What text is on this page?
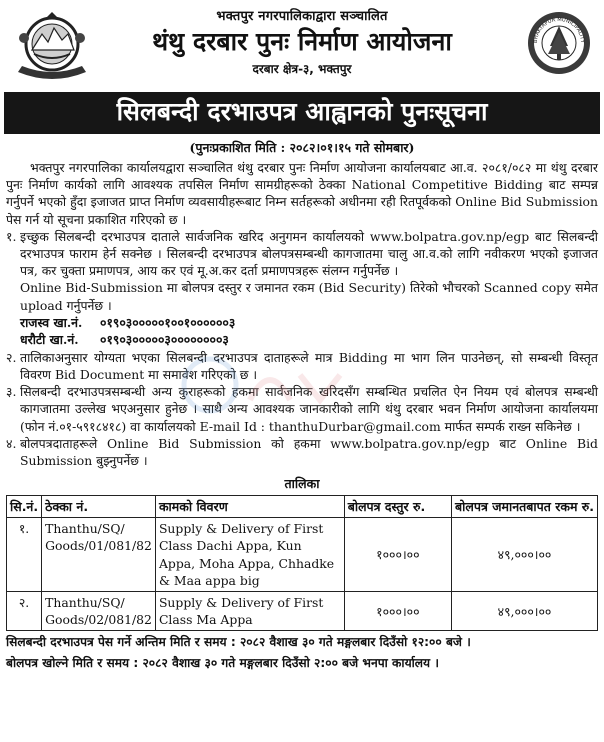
भक्तपुर नगरपालिकाद्वारा सञ्चालित
थंथु दरबार पुनः निर्माण आयोजना
दरबार क्षेत्र-३, भक्तपुर
BHAKTAPUR MUNICIPALITY
सिलबन्दी दरभाउपत्र आह्वानको पुनःसूचना
(पुनःप्रकाशित मिति : २०८२।०१।१५ गते सोमबार)

भक्तपुर नगरपालिका कार्यालयद्वारा सञ्चालित थंथु दरबार पुनः निर्माण आयोजना कार्यालयबाट आ.व. २०८१/०८२ मा थंथु दरबार पुनः निर्माण कार्यको लागि आवश्यक तपसिल निर्माण सामग्रीहरूको ठेक्का National Competitive Bidding बाट सम्पन्न गर्नुपर्ने भएको हुँदा इजाजत प्राप्त निर्माण व्यवसायीहरूबाट निम्न सर्तहरूको अधीनमा रही रितपूर्वकको Online Bid Submission पेस गर्न यो सूचना प्रकाशित गरिएको छ ।

१. इच्छुक सिलबन्दी दरभाउपत्र दाताले सार्वजनिक खरिद अनुगमन कार्यालयको www.bolpatra.gov.np/egp बाट सिलबन्दी दरभाउपत्र फाराम हेर्न सक्नेछ । सिलबन्दी दरभाउपत्र बोलपत्रसम्बन्धी कागजातमा चालु आ.व.को लागि नवीकरण भएको इजाजत पत्र, कर चुक्ता प्रमाणपत्र, आय कर एवं मू.अ.कर दर्ता प्रमाणपत्रहरू संलग्न गर्नुपर्नेछ ।
Online Bid-Submission मा बोलपत्र दस्तुर र जमानत रकम (Bid Security) तिरेको भौचरको Scanned copy समेत upload गर्नुपर्नेछ ।
राजस्व खा.नं.	०१९०३०००००१००१००००००३
धरौटी खा.नं.	०१९०३०००००३००००००००३
२. तालिकाअनुसार योग्यता भएका सिलबन्दी दरभाउपत्र दाताहरूले मात्र Bidding मा भाग लिन पाउनेछन्, सो सम्बन्धी विस्तृत विवरण Bid Document मा समावेश गरिएको छ ।
३. सिलबन्दी दरभाउपत्रसम्बन्धी अन्य कुराहरूको हकमा सार्वजनिक खरिदसँग सम्बन्धित प्रचलित ऐन नियम एवं बोलपत्र सम्बन्धी कागजातमा उल्लेख भएअनुसार हुनेछ । साथै अन्य आवश्यक जानकारीको लागि थंथु दरबार भवन निर्माण आयोजना कार्यालयमा (फोन नं.०१-५९१८४१८) वा कार्यालयको E-mail Id : thanthuDurbar@gmail.com मार्फत सम्पर्क राख्न सकिनेछ ।
४. बोलपत्रदाताहरूले Online Bid Submission को हकमा www.bolpatra.gov.np/egp बाट Online Bid Submission बुझ्नुपर्नेछ ।
तालिका
सि.नं.	ठेक्का नं.	कामको विवरण	बोलपत्र दस्तुर रु.	बोलपत्र जमानतबापत रकम रु.
१.	Thanthu/SQ/ Goods/01/081/82	Supply & Delivery of First Class Dachi Appa, Kun Appa, Moha Appa, Chhadke & Maa appa big	१०००।००	४९,०००।००
२.	Thanthu/SQ/ Goods/02/081/82	Supply & Delivery of First Class Ma Appa	१०००।००	४९,०००।००
सिलबन्दी दरभाउपत्र पेस गर्ने अन्तिम मिति र समय : २०८२ वैशाख ३० गते मङ्गलबार दिउँसो १२:०० बजे ।
बोलपत्र खोल्ने मिति र समय : २०८२ वैशाख ३० गते मङ्गलबार दिउँसो २:०० बजे भनपा कार्यालय ।
